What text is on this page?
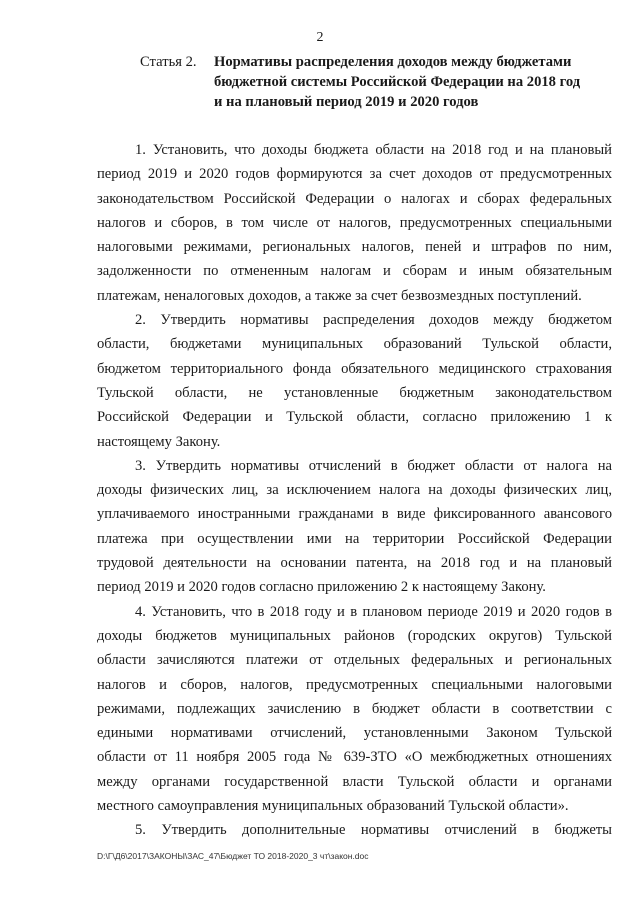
2
Статья 2. Нормативы распределения доходов между бюджетами
бюджетной системы Российской Федерации на 2018 год
и на плановый период 2019 и 2020 годов

1. Установить, что доходы бюджета области на 2018 год и на плановый
период 2019 и 2020 годов формируются за счет доходов от предусмотренных
законодательством Российской Федерации о налогах и сборах федеральных
налогов и сборов, в том числе от налогов, предусмотренных специальными
налоговыми режимами, региональных налогов, пеней и штрафов по ним,
задолженности по отмененным налогам и сборам и иным обязательным
платежам, неналоговых доходов, а также за счет безвозмездных поступлений.

2. Утвердить нормативы распределения доходов между бюджетом
области, бюджетами муниципальных образований Тульской области,
бюджетом территориального фонда обязательного медицинского страхования
Тульской области, не установленные бюджетным законодательством
Российской Федерации и Тульской области, согласно приложению 1 к
настоящему Закону.

3. Утвердить нормативы отчислений в бюджет области от налога на
доходы физических лиц, за исключением налога на доходы физических лиц,
уплачиваемого иностранными гражданами в виде фиксированного авансового
платежа при осуществлении ими на территории Российской Федерации
трудовой деятельности на основании патента, на 2018 год и на плановый
период 2019 и 2020 годов согласно приложению 2 к настоящему Закону.

4. Установить, что в 2018 году и в плановом периоде 2019 и 2020 годов в
доходы бюджетов муниципальных районов (городских округов) Тульской
области зачисляются платежи от отдельных федеральных и региональных
налогов и сборов, налогов, предусмотренных специальными налоговыми
режимами, подлежащих зачислению в бюджет области в соответствии с
едиными нормативами отчислений, установленными Законом Тульской
области от 11 ноября 2005 года № 639-ЗТО «О межбюджетных отношениях
между органами государственной власти Тульской области и органами
местного самоуправления муниципальных образований Тульской области».

5. Утвердить дополнительные нормативы отчислений в бюджеты

D:\Г\Д6\2017\ЗАКОНЫ\ЗАС_47\Бюджет ТО 2018-2020_3 чт\закон.doc
